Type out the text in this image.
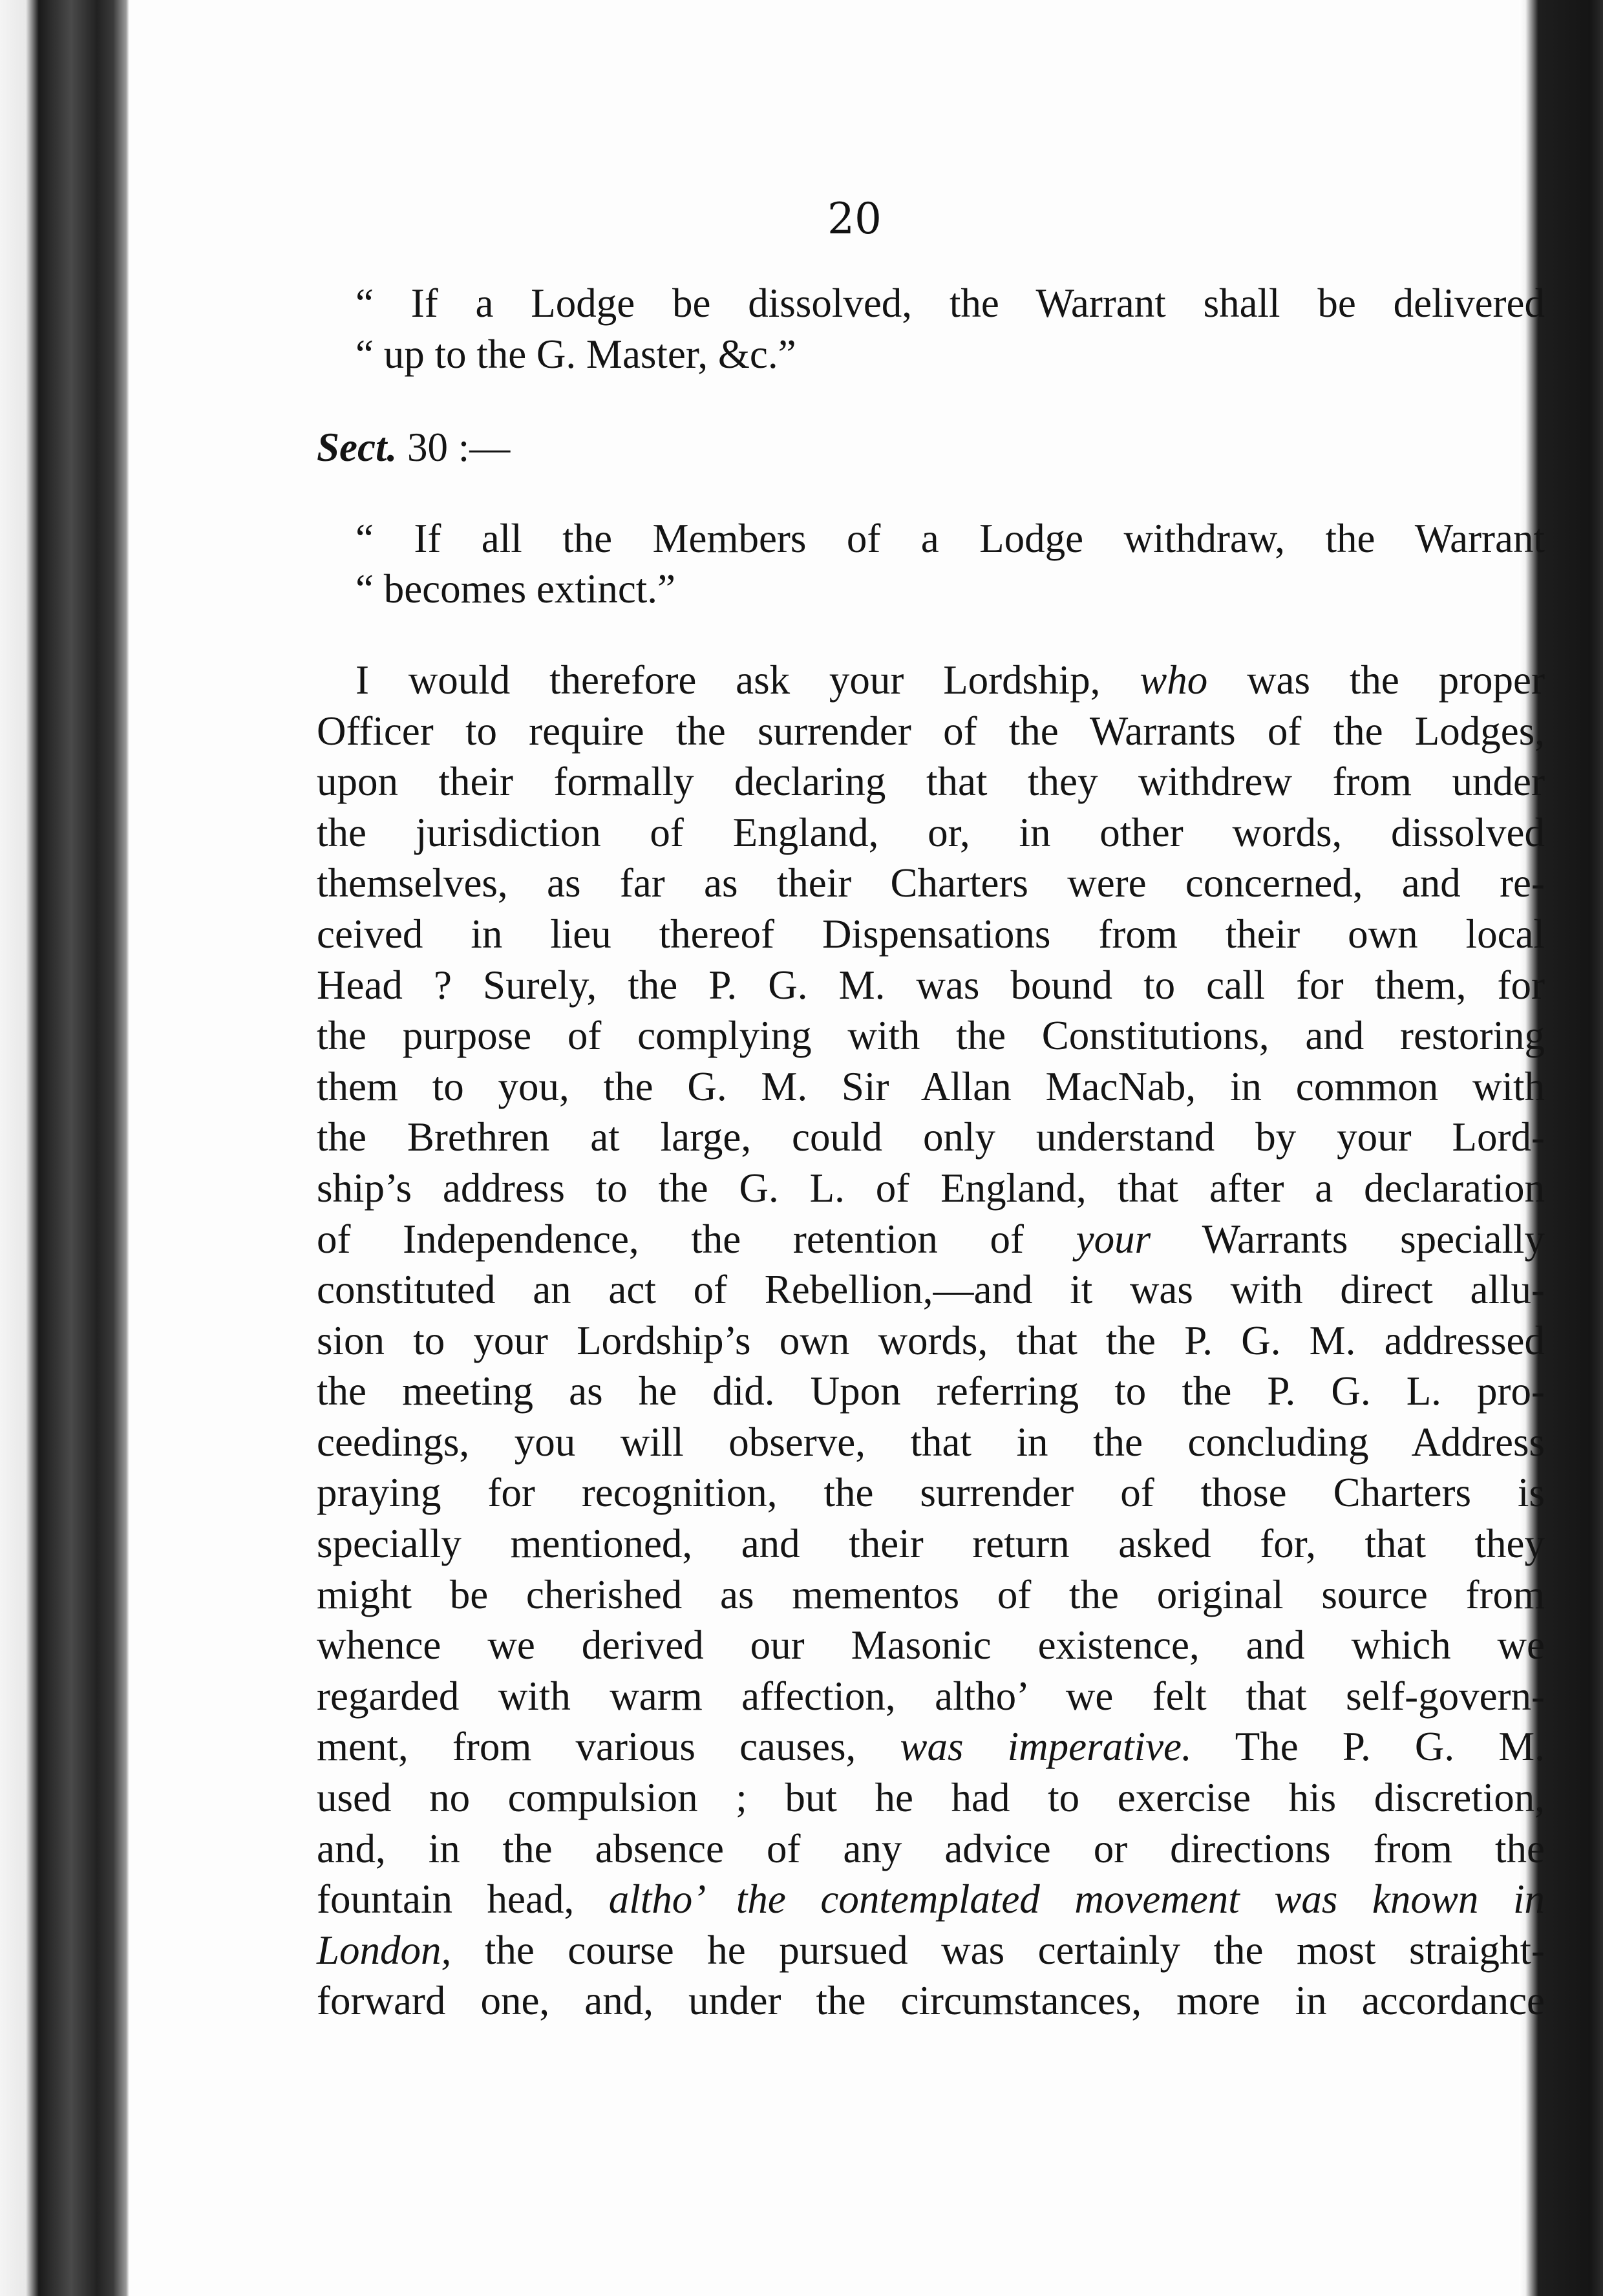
20
“ If a Lodge be dissolved, the Warrant shall be delivered
“ up to the G. Master, &c.”
Sect. 30 :—
“ If all the Members of a Lodge withdraw, the Warrant
“ becomes extinct.”
I would therefore ask your Lordship, who was the proper
Officer to require the surrender of the Warrants of the Lodges,
upon their formally declaring that they withdrew from under
the jurisdiction of England, or, in other words, dissolved
themselves, as far as their Charters were concerned, and re-
ceived in lieu thereof Dispensations from their own local
Head ? Surely, the P. G. M. was bound to call for them, for
the purpose of complying with the Constitutions, and restoring
them to you, the G. M. Sir Allan MacNab, in common with
the Brethren at large, could only understand by your Lord-
ship’s address to the G. L. of England, that after a declaration
of Independence, the retention of your Warrants specially
constituted an act of Rebellion,—and it was with direct allu-
sion to your Lordship’s own words, that the P. G. M. addressed
the meeting as he did. Upon referring to the P. G. L. pro-
ceedings, you will observe, that in the concluding Address
praying for recognition, the surrender of those Charters is
specially mentioned, and their return asked for, that they
might be cherished as mementos of the original source from
whence we derived our Masonic existence, and which we
regarded with warm affection, altho’ we felt that self-govern-
ment, from various causes, was imperative. The P. G. M.
used no compulsion ; but he had to exercise his discretion,
and, in the absence of any advice or directions from the
fountain head, altho’ the contemplated movement was known in
London, the course he pursued was certainly the most straight-
forward one, and, under the circumstances, more in accordance
